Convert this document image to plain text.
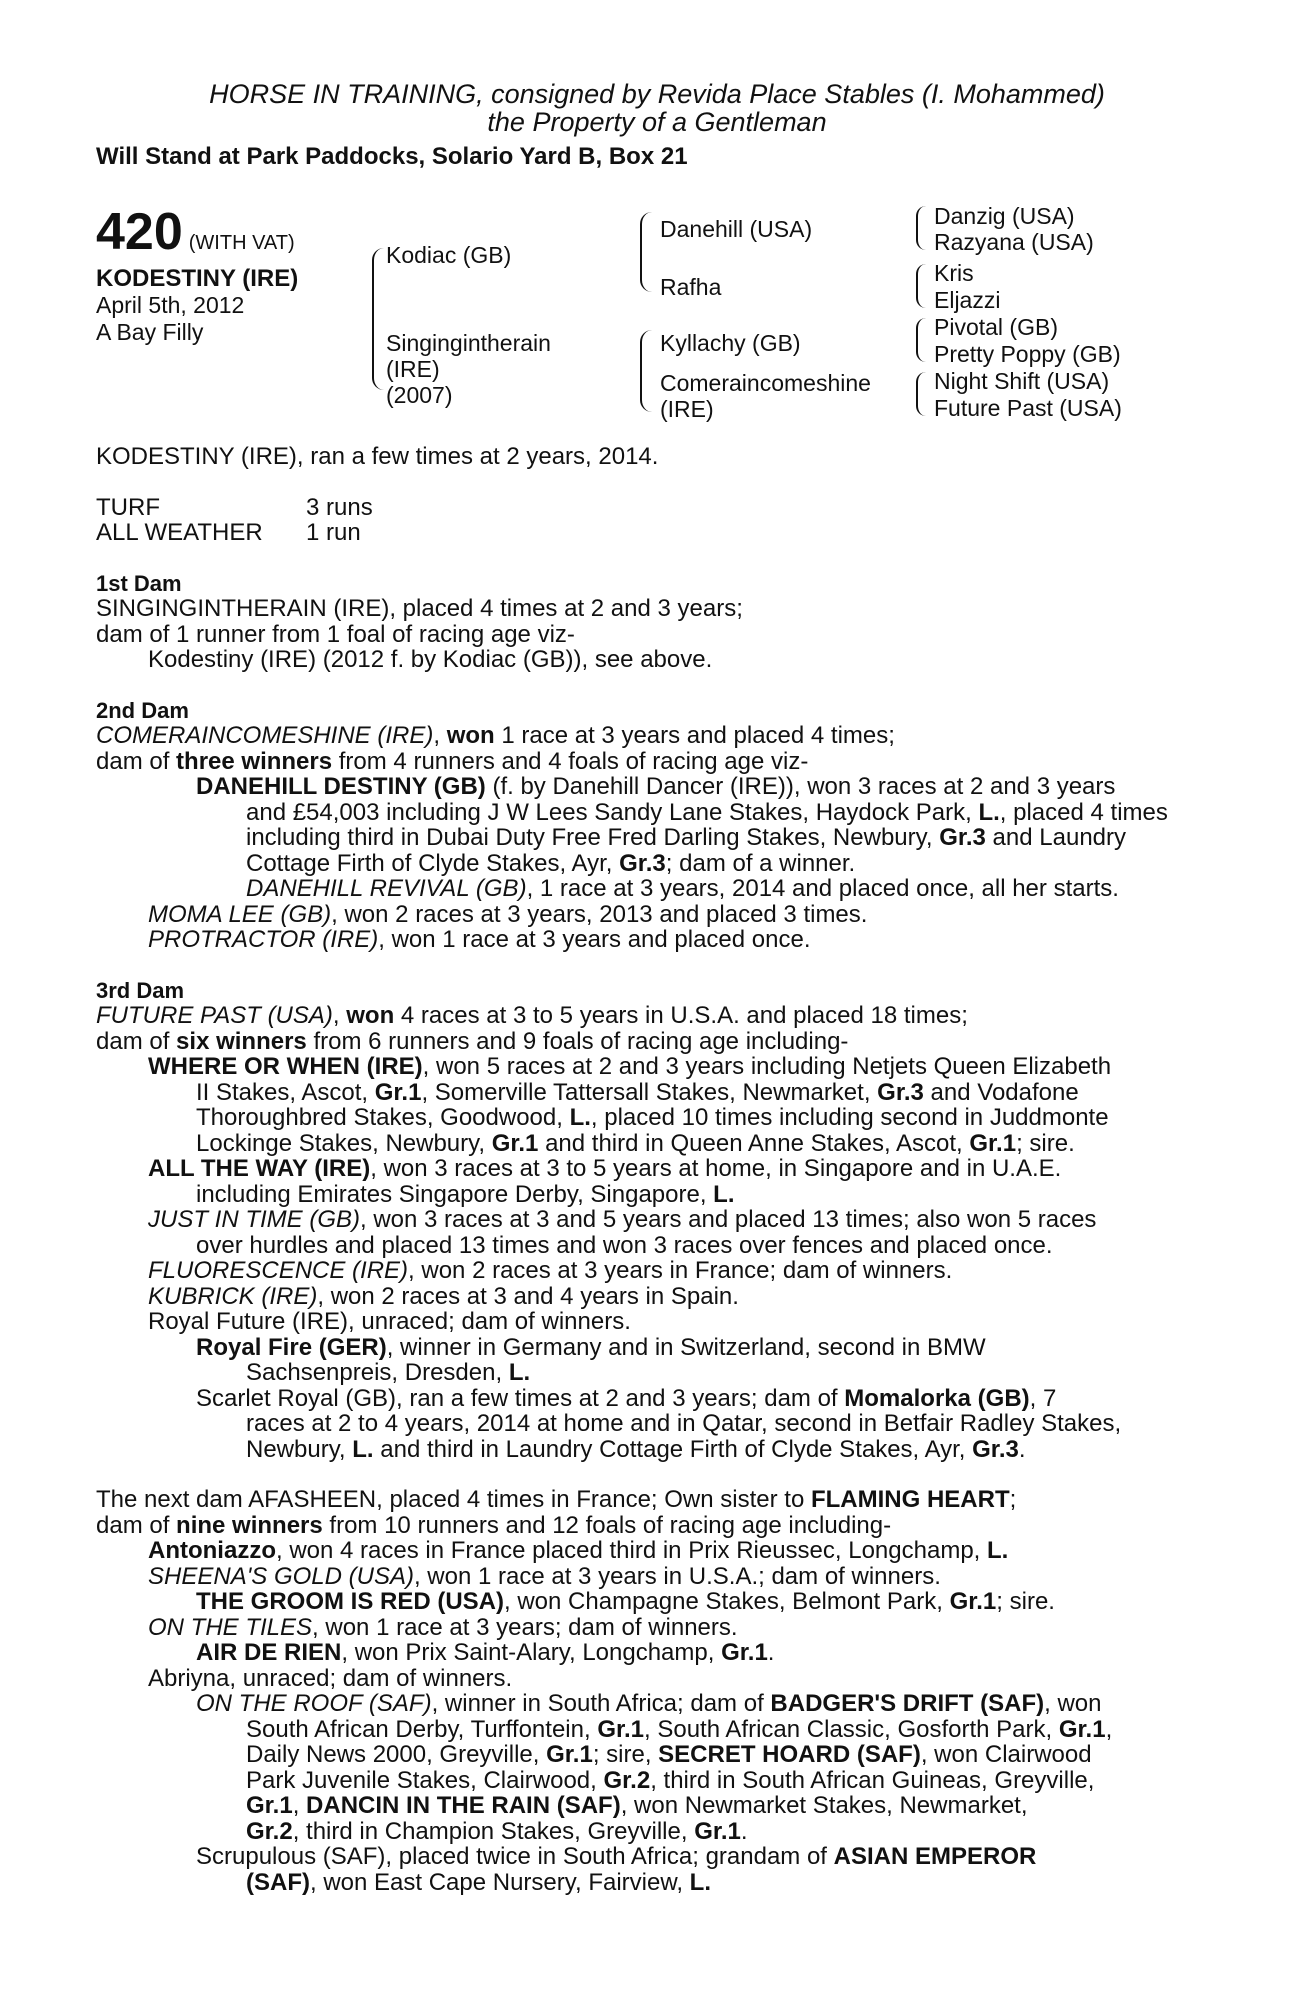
HORSE IN TRAINING, consigned by Revida Place Stables (I. Mohammed)
the Property of a Gentleman
Will Stand at Park Paddocks, Solario Yard B, Box 21
420 (WITH VAT)
KODESTINY (IRE)
April 5th, 2012
A Bay Filly
Kodiac (GB)
Singingintherain
(IRE)
(2007)
Danehill (USA)
Rafha
Kyllachy (GB)
Comeraincomeshine
(IRE)
Danzig (USA)
Razyana (USA)
Kris
Eljazzi
Pivotal (GB)
Pretty Poppy (GB)
Night Shift (USA)
Future Past (USA)

KODESTINY (IRE), ran a few times at 2 years, 2014.

TURF	3 runs
ALL WEATHER	1 run

1st Dam

SINGINGINTHERAIN (IRE), placed 4 times at 2 and 3 years;

dam of 1 runner from 1 foal of racing age viz-

Kodestiny (IRE) (2012 f. by Kodiac (GB)), see above.

2nd Dam

COMERAINCOMESHINE (IRE), won 1 race at 3 years and placed 4 times;

dam of three winners from 4 runners and 4 foals of racing age viz-

DANEHILL DESTINY (GB) (f. by Danehill Dancer (IRE)), won 3 races at 2 and 3 years

and £54,003 including J W Lees Sandy Lane Stakes, Haydock Park, L., placed 4 times

including third in Dubai Duty Free Fred Darling Stakes, Newbury, Gr.3 and Laundry

Cottage Firth of Clyde Stakes, Ayr, Gr.3; dam of a winner.

DANEHILL REVIVAL (GB), 1 race at 3 years, 2014 and placed once, all her starts.

MOMA LEE (GB), won 2 races at 3 years, 2013 and placed 3 times.

PROTRACTOR (IRE), won 1 race at 3 years and placed once.

3rd Dam

FUTURE PAST (USA), won 4 races at 3 to 5 years in U.S.A. and placed 18 times;

dam of six winners from 6 runners and 9 foals of racing age including-

WHERE OR WHEN (IRE), won 5 races at 2 and 3 years including Netjets Queen Elizabeth

II Stakes, Ascot, Gr.1, Somerville Tattersall Stakes, Newmarket, Gr.3 and Vodafone

Thoroughbred Stakes, Goodwood, L., placed 10 times including second in Juddmonte

Lockinge Stakes, Newbury, Gr.1 and third in Queen Anne Stakes, Ascot, Gr.1; sire.

ALL THE WAY (IRE), won 3 races at 3 to 5 years at home, in Singapore and in U.A.E.

including Emirates Singapore Derby, Singapore, L.

JUST IN TIME (GB), won 3 races at 3 and 5 years and placed 13 times; also won 5 races

over hurdles and placed 13 times and won 3 races over fences and placed once.

FLUORESCENCE (IRE), won 2 races at 3 years in France; dam of winners.

KUBRICK (IRE), won 2 races at 3 and 4 years in Spain.

Royal Future (IRE), unraced; dam of winners.

Royal Fire (GER), winner in Germany and in Switzerland, second in BMW

Sachsenpreis, Dresden, L.

Scarlet Royal (GB), ran a few times at 2 and 3 years; dam of Momalorka (GB), 7

races at 2 to 4 years, 2014 at home and in Qatar, second in Betfair Radley Stakes,

Newbury, L. and third in Laundry Cottage Firth of Clyde Stakes, Ayr, Gr.3.

The next dam AFASHEEN, placed 4 times in France; Own sister to FLAMING HEART;

dam of nine winners from 10 runners and 12 foals of racing age including-

Antoniazzo, won 4 races in France placed third in Prix Rieussec, Longchamp, L.

SHEENA'S GOLD (USA), won 1 race at 3 years in U.S.A.; dam of winners.

THE GROOM IS RED (USA), won Champagne Stakes, Belmont Park, Gr.1; sire.

ON THE TILES, won 1 race at 3 years; dam of winners.

AIR DE RIEN, won Prix Saint-Alary, Longchamp, Gr.1.

Abriyna, unraced; dam of winners.

ON THE ROOF (SAF), winner in South Africa; dam of BADGER'S DRIFT (SAF), won

South African Derby, Turffontein, Gr.1, South African Classic, Gosforth Park, Gr.1,

Daily News 2000, Greyville, Gr.1; sire, SECRET HOARD (SAF), won Clairwood

Park Juvenile Stakes, Clairwood, Gr.2, third in South African Guineas, Greyville,

Gr.1, DANCIN IN THE RAIN (SAF), won Newmarket Stakes, Newmarket,

Gr.2, third in Champion Stakes, Greyville, Gr.1.

Scrupulous (SAF), placed twice in South Africa; grandam of ASIAN EMPEROR

(SAF), won East Cape Nursery, Fairview, L.
